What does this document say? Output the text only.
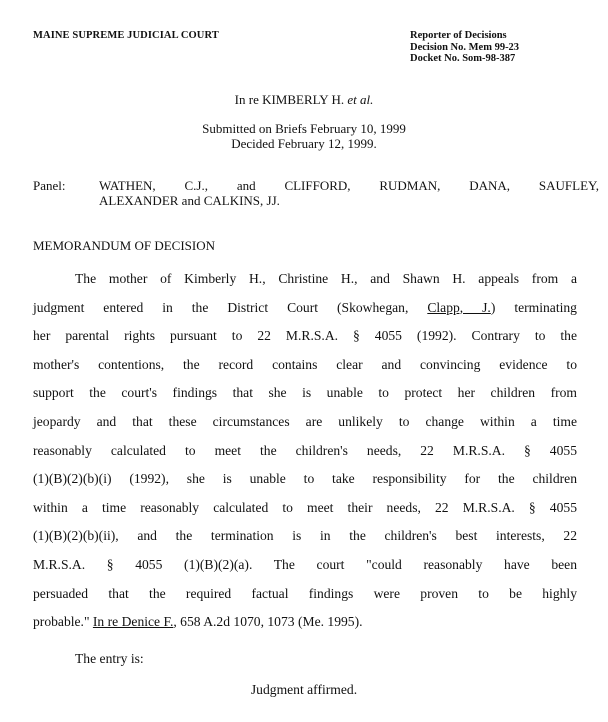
MAINE SUPREME JUDICIAL COURT	Reporter of Decisions
Decision No. Mem 99-23
Docket No. Som-98-387
In re KIMBERLY H. et al.
Submitted on Briefs February 10, 1999
Decided February 12, 1999.
Panel:	WATHEN, C.J., and CLIFFORD, RUDMAN, DANA, SAUFLEY,
ALEXANDER and CALKINS, JJ.
MEMORANDUM OF DECISION
The mother of Kimberly H., Christine H., and Shawn H. appeals from a
judgment entered in the District Court (Skowhegan, Clapp, J.) terminating
her parental rights pursuant to 22 M.R.S.A. § 4055 (1992). Contrary to the
mother's contentions, the record contains clear and convincing evidence to
support the court's findings that she is unable to protect her children from
jeopardy and that these circumstances are unlikely to change within a time
reasonably calculated to meet the children's needs, 22 M.R.S.A. § 4055
(1)(B)(2)(b)(i) (1992), she is unable to take responsibility for the children
within a time reasonably calculated to meet their needs, 22 M.R.S.A. § 4055
(1)(B)(2)(b)(ii), and the termination is in the children's best interests, 22
M.R.S.A. § 4055 (1)(B)(2)(a). The court "could reasonably have been
persuaded that the required factual findings were proven to be highly
probable." In re Denice F., 658 A.2d 1070, 1073 (Me. 1995).
The entry is:
Judgment affirmed.
